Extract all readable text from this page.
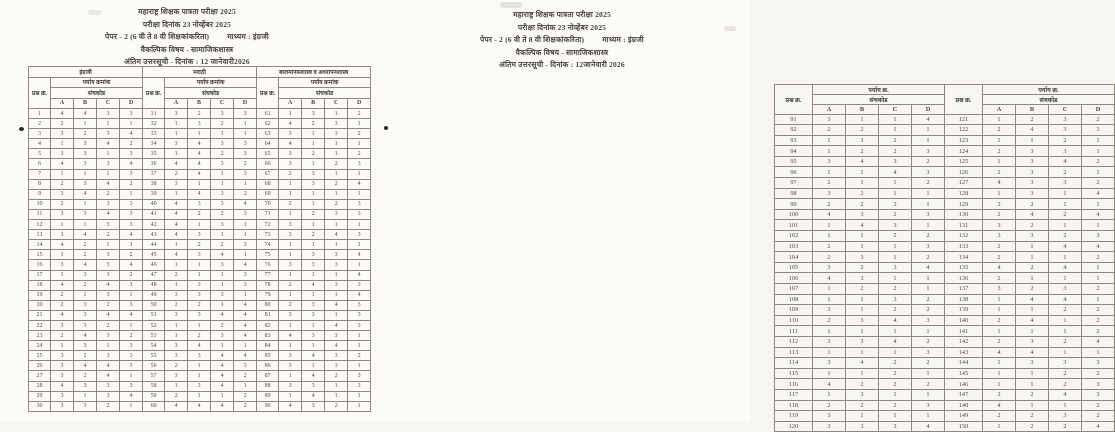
महाराष्ट्र शिक्षक पात्रता परीक्षा 2025
परीक्षा दिनांक 23 नोव्हेंबर 2025
पेपर - 2 (6 वी ते 8 वी शिक्षकांकरिता) माध्यम : इंग्रजी
वैकल्पिक विषय - सामाजिकशास्त्र
अंतिम उत्तरसूची - दिनांक : 12 जानेवारी2026
इंग्रजी					मराठी					बालमानसशास्त्र व अध्यापनशास्त्र				
प्रश्न क्र.	पर्याय क्रमांक				प्रश्न क्र.	पर्याय क्रमांक				प्रश्न क्र.	पर्याय क्रमांक			
	संचकोड					संचकोड					संचकोड			
	A	B	C	D		A	B	C	D		A	B	C	D
1	4	4	3	3	31	3	2	3	3	61	1	3	1	2
2	2	1	1	1	32	1	3	2	1	62	4	2	3	1
3	3	2	3	4	33	1	1	1	1	63	3	1	3	2
4	1	3	4	2	34	3	4	3	3	64	4	1	1	1
5	3	3	1	3	35	1	4	2	3	65	3	2	1	2
6	4	3	3	4	36	4	4	3	2	66	3	1	2	3
7	1	1	1	3	37	2	4	1	3	67	2	3	1	1
8	2	3	4	2	38	3	1	1	1	68	1	3	2	4
9	3	4	2	1	39	1	4	3	2	69	1	1	1	1
10	2	1	3	3	40	4	3	3	4	70	2	1	2	3
11	3	3	4	3	41	4	2	2	3	71	1	2	3	3
12	1	1	3	3	42	4	1	3	1	72	3	1	1	1
13	3	4	2	4	43	4	3	1	1	73	3	2	4	3
14	4	2	1	3	44	1	2	2	3	74	1	1	1	1
15	1	2	3	2	45	4	3	4	1	75	1	3	3	4
16	3	4	3	4	46	1	1	3	4	76	3	3	3	1
17	1	3	3	2	47	2	1	1	3	77	1	1	1	4
18	4	2	4	3	48	1	3	1	3	78	2	4	3	3
19	2	1	3	1	49	3	3	3	1	79	1	1	1	4
20	2	3	2	3	50	2	2	1	4	80	2	3	4	3
21	4	3	4	4	51	3	3	4	4	81	3	3	1	3
22	3	3	2	1	52	1	1	2	4	82	1	1	4	3
23	2	4	3	2	53	1	2	3	4	83	4	3	3	1
24	1	3	1	3	54	3	4	1	1	84	1	1	4	1
25	3	2	3	3	55	3	3	4	4	85	3	4	3	2
26	3	4	4	3	56	2	1	4	3	86	3	1	3	1
27	3	2	4	1	57	3	1	4	2	87	1	4	2	3
28	4	3	3	3	58	1	3	4	1	88	3	3	1	3
29	3	1	3	4	59	2	1	1	2	89	1	4	1	1
30	3	3	2	1	60	4	4	4	2	90	4	3	2	1
महाराष्ट्र शिक्षक पात्रता परीक्षा 2025
परीक्षा दिनांक 23 नोव्हेंबर 2025
पेपर - 2 (6 वी ते 8 वी शिक्षकांकरिता) माध्यम : इंग्रजी
वैकल्पिक विषय - सामाजिकशास्त्र
अंतिम उत्तरसूची - दिनांक : 12जानेवारी 2026
प्रश्न क्र.	पर्याय क्र.				प्रश्न क्र.	पर्याय क्र.			
	संचकोड					संचकोड			
	A	B	C	D		A	B	C	D
91	3	1	1	4	121	1	2	3	2
92	2	2	1	1	122	2	4	3	3
93	1	3	2	1	123	1	1	2	1
94	1	2	2	3	124	2	3	3	1
95	3	4	3	2	125	1	3	4	2
96	1	1	4	3	126	2	3	2	1
97	2	1	1	2	127	4	3	3	2
98	3	2	1	1	128	1	3	1	4
99	2	2	3	1	129	3	2	1	1
100	4	3	2	3	130	2	4	2	4
101	1	4	3	1	131	3	2	1	1
102	1	1	2	2	132	3	3	2	3
103	2	1	1	3	133	2	1	4	4
104	2	3	1	2	134	2	1	1	2
105	3	2	3	4	135	4	2	4	1
106	4	3	1	1	136	2	1	1	1
107	1	2	2	1	137	3	2	3	2
108	1	1	3	2	138	1	4	4	1
109	3	1	2	2	139	1	1	2	2
110	2	3	4	3	140	2	4	1	2
111	1	1	1	1	141	1	1	1	2
112	3	3	4	2	142	2	3	2	4
113	1	1	1	3	143	4	4	1	1
114	3	4	2	2	144	1	3	3	3
115	1	1	2	1	145	1	1	2	2
116	4	2	2	2	146	1	1	2	3
117	1	3	1	1	147	3	2	4	3
118	2	2	2	3	148	4	1	1	2
119	3	1	1	1	149	2	2	3	2
120	3	3	3	4	150	1	2	2	4
